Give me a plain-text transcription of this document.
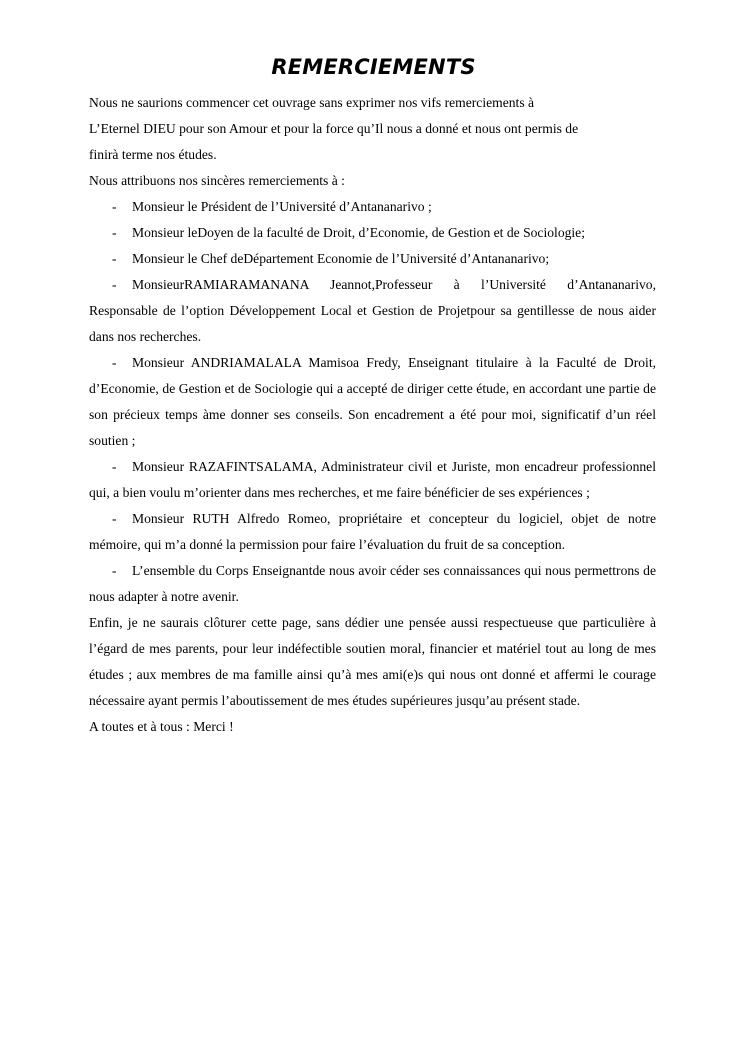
REMERCIEMENTS

Nous ne saurions commencer cet ouvrage sans exprimer nos vifs remerciements à

L’Eternel DIEU pour son Amour et pour la force qu’Il nous a donné et nous ont permis de

finirà terme nos études.

Nous attribuons nos sincères remerciements à :

- Monsieur le Président de l’Université d’Antananarivo ;

- Monsieur leDoyen de la faculté de Droit, d’Economie, de Gestion et de Sociologie;

- Monsieur le Chef deDépartement Economie de l’Université d’Antananarivo;

- MonsieurRAMIARAMANANA Jeannot,Professeur à l’Université d’Antananarivo, Responsable de l’option Développement Local et Gestion de Projetpour sa gentillesse de nous aider dans nos recherches.

- Monsieur ANDRIAMALALA Mamisoa Fredy, Enseignant titulaire à la Faculté de Droit, d’Economie, de Gestion et de Sociologie qui a accepté de diriger cette étude, en accordant une partie de son précieux temps àme donner ses conseils. Son encadrement a été pour moi, significatif d’un réel soutien ;

- Monsieur RAZAFINTSALAMA, Administrateur civil et Juriste, mon encadreur professionnel qui, a bien voulu m’orienter dans mes recherches, et me faire bénéficier de ses expériences ;

- Monsieur RUTH Alfredo Romeo, propriétaire et concepteur du logiciel, objet de notre mémoire, qui m’a donné la permission pour faire l’évaluation du fruit de sa conception.

- L’ensemble du Corps Enseignantde nous avoir céder ses connaissances qui nous permettrons de nous adapter à notre avenir.

Enfin, je ne saurais clôturer cette page, sans dédier une pensée aussi respectueuse que particulière à l’égard de mes parents, pour leur indéfectible soutien moral, financier et matériel tout au long de mes études ; aux membres de ma famille ainsi qu’à mes ami(e)s qui nous ont donné et affermi le courage nécessaire ayant permis l’aboutissement de mes études supérieures jusqu’au présent stade.

A toutes et à tous : Merci !
